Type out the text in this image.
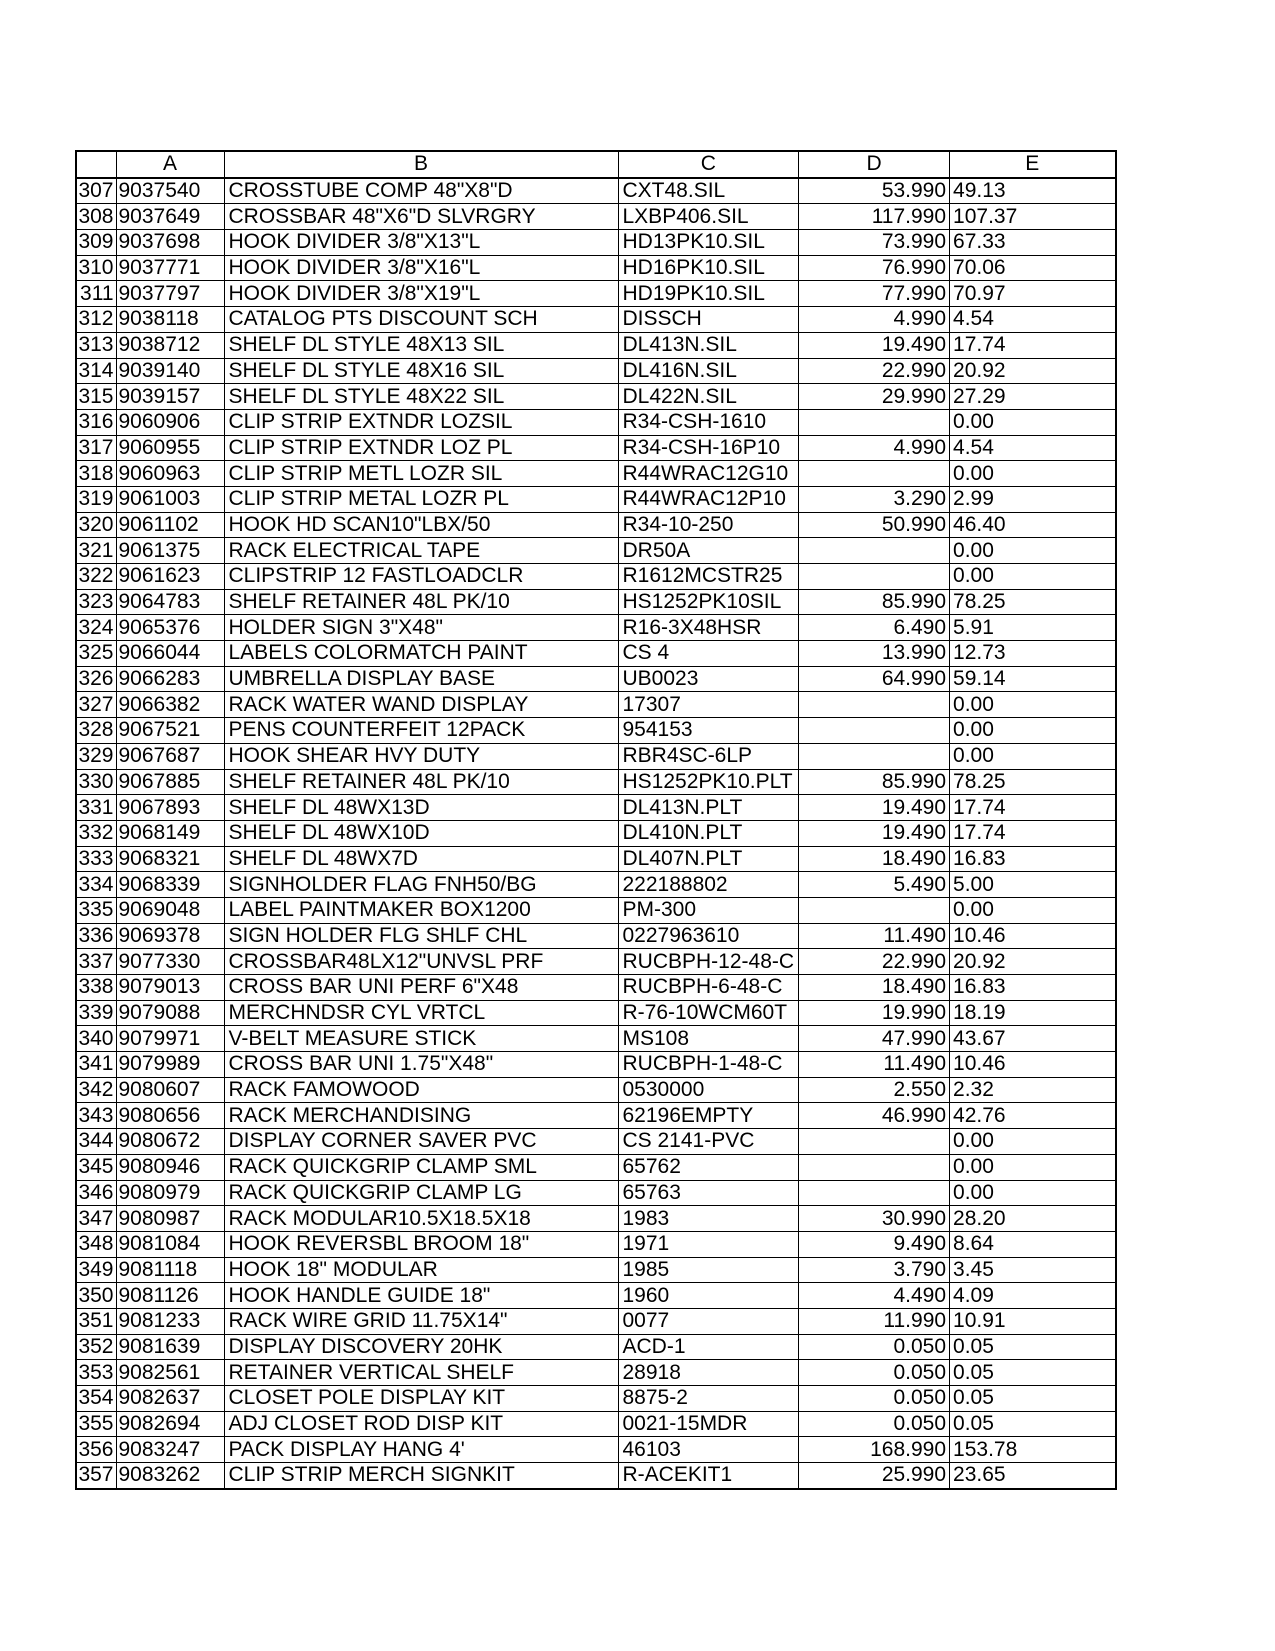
	A	B	C	D	E
307	9037540	CROSSTUBE COMP 48"X8"D	CXT48.SIL	53.990	49.13
308	9037649	CROSSBAR 48"X6"D SLVRGRY	LXBP406.SIL	117.990	107.37
309	9037698	HOOK DIVIDER 3/8"X13"L	HD13PK10.SIL	73.990	67.33
310	9037771	HOOK DIVIDER 3/8"X16"L	HD16PK10.SIL	76.990	70.06
311	9037797	HOOK DIVIDER 3/8"X19"L	HD19PK10.SIL	77.990	70.97
312	9038118	CATALOG PTS DISCOUNT SCH	DISSCH	4.990	4.54
313	9038712	SHELF DL STYLE 48X13 SIL	DL413N.SIL	19.490	17.74
314	9039140	SHELF DL STYLE 48X16 SIL	DL416N.SIL	22.990	20.92
315	9039157	SHELF DL STYLE 48X22 SIL	DL422N.SIL	29.990	27.29
316	9060906	CLIP STRIP EXTNDR LOZSIL	R34-CSH-1610		0.00
317	9060955	CLIP STRIP EXTNDR LOZ PL	R34-CSH-16P10	4.990	4.54
318	9060963	CLIP STRIP METL LOZR SIL	R44WRAC12G10		0.00
319	9061003	CLIP STRIP METAL LOZR PL	R44WRAC12P10	3.290	2.99
320	9061102	HOOK HD SCAN10"LBX/50	R34-10-250	50.990	46.40
321	9061375	RACK ELECTRICAL TAPE	DR50A		0.00
322	9061623	CLIPSTRIP 12 FASTLOADCLR	R1612MCSTR25		0.00
323	9064783	SHELF RETAINER 48L PK/10	HS1252PK10SIL	85.990	78.25
324	9065376	HOLDER SIGN 3"X48"	R16-3X48HSR	6.490	5.91
325	9066044	LABELS COLORMATCH PAINT	CS 4	13.990	12.73
326	9066283	UMBRELLA DISPLAY BASE	UB0023	64.990	59.14
327	9066382	RACK WATER WAND DISPLAY	17307		0.00
328	9067521	PENS COUNTERFEIT 12PACK	954153		0.00
329	9067687	HOOK SHEAR HVY DUTY	RBR4SC-6LP		0.00
330	9067885	SHELF RETAINER 48L PK/10	HS1252PK10.PLT	85.990	78.25
331	9067893	SHELF DL 48WX13D	DL413N.PLT	19.490	17.74
332	9068149	SHELF DL 48WX10D	DL410N.PLT	19.490	17.74
333	9068321	SHELF DL 48WX7D	DL407N.PLT	18.490	16.83
334	9068339	SIGNHOLDER FLAG FNH50/BG	222188802	5.490	5.00
335	9069048	LABEL PAINTMAKER BOX1200	PM-300		0.00
336	9069378	SIGN HOLDER FLG SHLF CHL	0227963610	11.490	10.46
337	9077330	CROSSBAR48LX12"UNVSL PRF	RUCBPH-12-48-C	22.990	20.92
338	9079013	CROSS BAR UNI PERF 6"X48	RUCBPH-6-48-C	18.490	16.83
339	9079088	MERCHNDSR CYL VRTCL	R-76-10WCM60T	19.990	18.19
340	9079971	V-BELT MEASURE STICK	MS108	47.990	43.67
341	9079989	CROSS BAR UNI 1.75"X48"	RUCBPH-1-48-C	11.490	10.46
342	9080607	RACK FAMOWOOD	0530000	2.550	2.32
343	9080656	RACK MERCHANDISING	62196EMPTY	46.990	42.76
344	9080672	DISPLAY CORNER SAVER PVC	CS 2141-PVC		0.00
345	9080946	RACK QUICKGRIP CLAMP SML	65762		0.00
346	9080979	RACK QUICKGRIP CLAMP LG	65763		0.00
347	9080987	RACK MODULAR10.5X18.5X18	1983	30.990	28.20
348	9081084	HOOK REVERSBL BROOM 18"	1971	9.490	8.64
349	9081118	HOOK 18" MODULAR	1985	3.790	3.45
350	9081126	HOOK HANDLE GUIDE 18"	1960	4.490	4.09
351	9081233	RACK WIRE GRID 11.75X14"	0077	11.990	10.91
352	9081639	DISPLAY DISCOVERY 20HK	ACD-1	0.050	0.05
353	9082561	RETAINER VERTICAL SHELF	28918	0.050	0.05
354	9082637	CLOSET POLE DISPLAY KIT	8875-2	0.050	0.05
355	9082694	ADJ CLOSET ROD DISP KIT	0021-15MDR	0.050	0.05
356	9083247	PACK DISPLAY HANG 4'	46103	168.990	153.78
357	9083262	CLIP STRIP MERCH SIGNKIT	R-ACEKIT1	25.990	23.65
